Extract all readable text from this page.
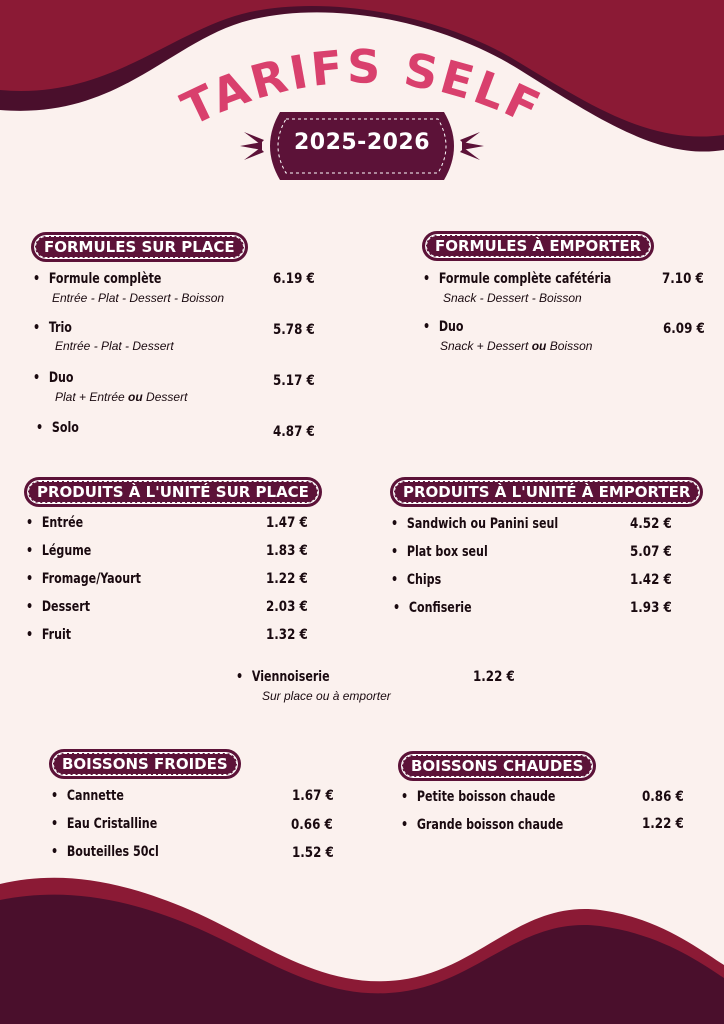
TARIFS SELF
2025-2026
FORMULES SUR PLACE	FORMULES À EMPORTER
PRODUITS À L'UNITÉ SUR PLACE	PRODUITS À L'UNITÉ À EMPORTER
BOISSONS FROIDES	BOISSONS CHAUDES
• Formule complète	6.19 €
Entrée - Plat - Dessert - Boisson
• Trio	5.78 €
Entrée - Plat - Dessert
• Duo	5.17 €
Plat + Entrée ou Dessert
• Solo	4.87 €
• Formule complète cafétéria	7.10 €
Snack - Dessert - Boisson
• Duo	6.09 €
Snack + Dessert ou Boisson
• Entrée	1.47 €
• Légume	1.83 €
• Fromage/Yaourt	1.22 €
• Dessert	2.03 €
• Fruit	1.32 €
• Sandwich ou Panini seul	4.52 €
• Plat box seul	5.07 €
• Chips	1.42 €
• Confiserie	1.93 €
• Viennoiserie	1.22 €
Sur place ou à emporter
• Cannette	1.67 €
• Eau Cristalline	0.66 €
• Bouteilles 50cl	1.52 €
• Petite boisson chaude	0.86 €
• Grande boisson chaude	1.22 €
